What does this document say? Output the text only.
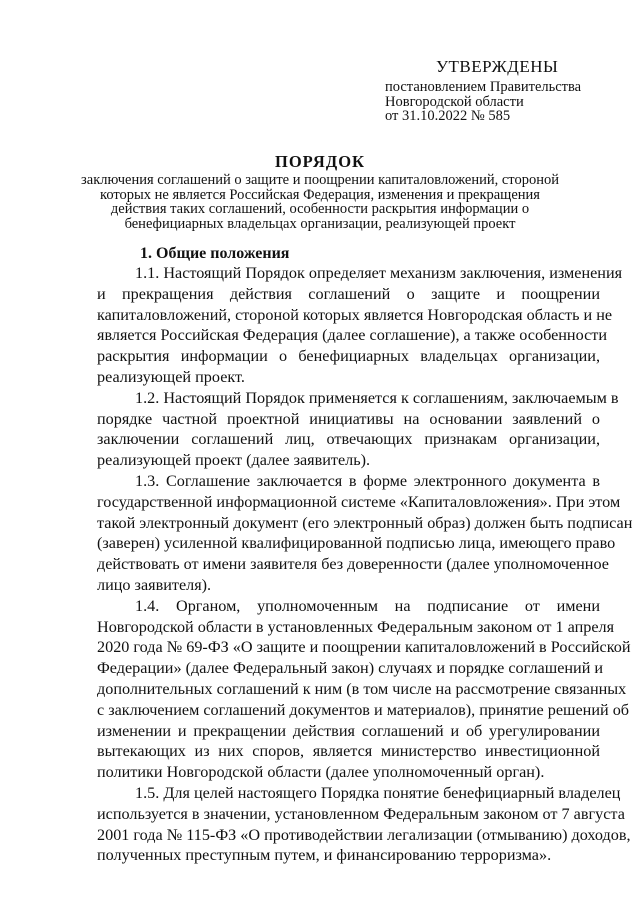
УТВЕРЖДЕНЫ
постановлением Правительства
Новгородской области
от 31.10.2022 № 585
ПОРЯДОК
заключения соглашений о защите и поощрении капиталовложений, стороной
которых не является Российская Федерация, изменения и прекращения
действия таких соглашений, особенности раскрытия информации о
бенефициарных владельцах организации, реализующей проект
1. Общие положения
1.1. Настоящий Порядок определяет механизм заключения, изменения
и прекращения действия соглашений о защите и поощрении
капиталовложений, стороной которых является Новгородская область и не
является Российская Федерация (далее соглашение), а также особенности
раскрытия информации о бенефициарных владельцах организации,
реализующей проект.
1.2. Настоящий Порядок применяется к соглашениям, заключаемым в
порядке частной проектной инициативы на основании заявлений о
заключении соглашений лиц, отвечающих признакам организации,
реализующей проект (далее заявитель).
1.3. Соглашение заключается в форме электронного документа в
государственной информационной системе «Капиталовложения». При этом
такой электронный документ (его электронный образ) должен быть подписан
(заверен) усиленной квалифицированной подписью лица, имеющего право
действовать от имени заявителя без доверенности (далее уполномоченное
лицо заявителя).
1.4. Органом, уполномоченным на подписание от имени
Новгородской области в установленных Федеральным законом от 1 апреля
2020 года № 69-ФЗ «О защите и поощрении капиталовложений в Российской
Федерации» (далее Федеральный закон) случаях и порядке соглашений и
дополнительных соглашений к ним (в том числе на рассмотрение связанных
с заключением соглашений документов и материалов), принятие решений об
изменении и прекращении действия соглашений и об урегулировании
вытекающих из них споров, является министерство инвестиционной
политики Новгородской области (далее уполномоченный орган).
1.5. Для целей настоящего Порядка понятие бенефициарный владелец
используется в значении, установленном Федеральным законом от 7 августа
2001 года № 115-ФЗ «О противодействии легализации (отмыванию) доходов,
полученных преступным путем, и финансированию терроризма».
